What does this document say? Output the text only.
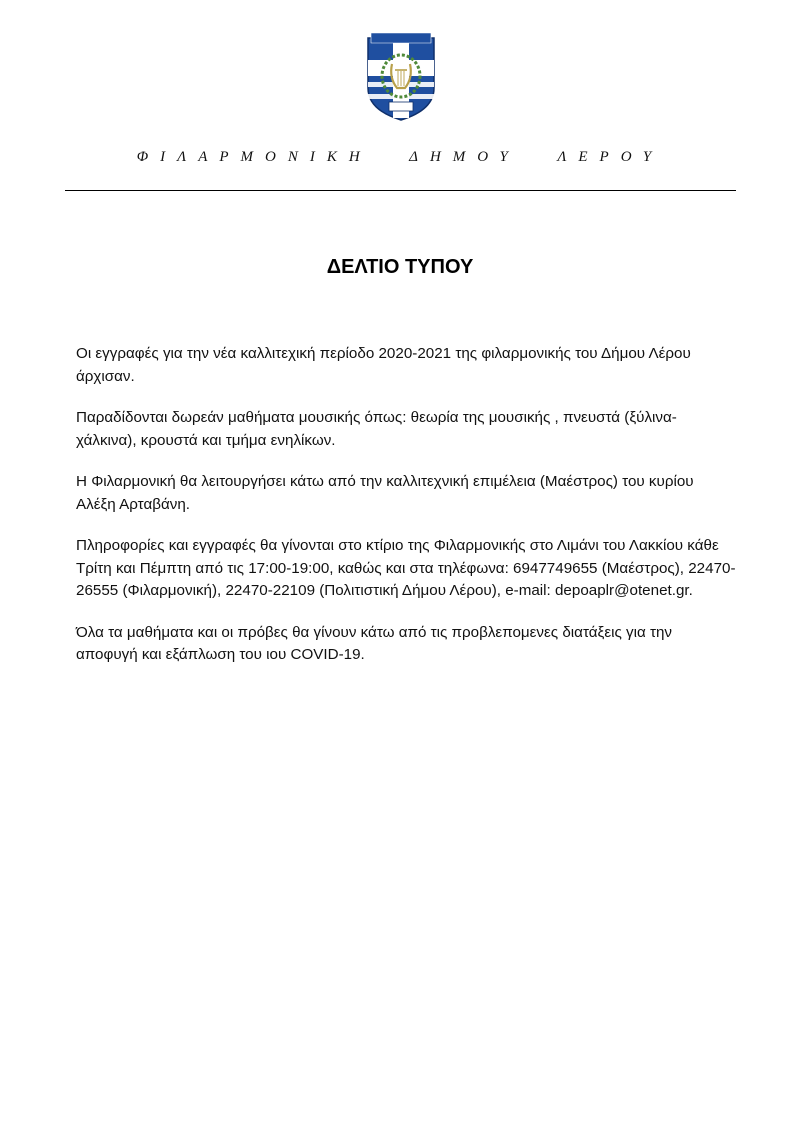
ΦΙΛΑΡΜΟΝΙΚΗ ΔΗΜΟΥ ΛΕΡΟΥ
ΔΕΛΤΙΟ ΤΥΠΟΥ

Οι εγγραφές για την νέα καλλιτεχική περίοδο 2020-2021 της φιλαρμονικής του Δήμου Λέρου άρχισαν.

Παραδίδονται δωρεάν μαθήματα μουσικής όπως: θεωρία της μουσικής , πνευστά (ξύλινα-χάλκινα), κρουστά και τμήμα ενηλίκων.

Η Φιλαρμονική θα λειτουργήσει κάτω από την καλλιτεχνική επιμέλεια (Μαέστρος) του κυρίου Αλέξη Αρταβάνη.

Πληροφορίες και εγγραφές θα γίνονται στο κτίριο της Φιλαρμονικής στο Λιμάνι του Λακκίου κάθε Τρίτη και Πέμπτη από τις 17:00-19:00, καθώς και στα τηλέφωνα: 6947749655 (Μαέστρος), 22470-26555 (Φιλαρμονική), 22470-22109 (Πολιτιστική Δήμου Λέρου), e-mail: depoaplr@otenet.gr.

Όλα τα μαθήματα και οι πρόβες θα γίνουν κάτω από τις προβλεπομενες διατάξεις για την αποφυγή και εξάπλωση του ιου COVID-19.
